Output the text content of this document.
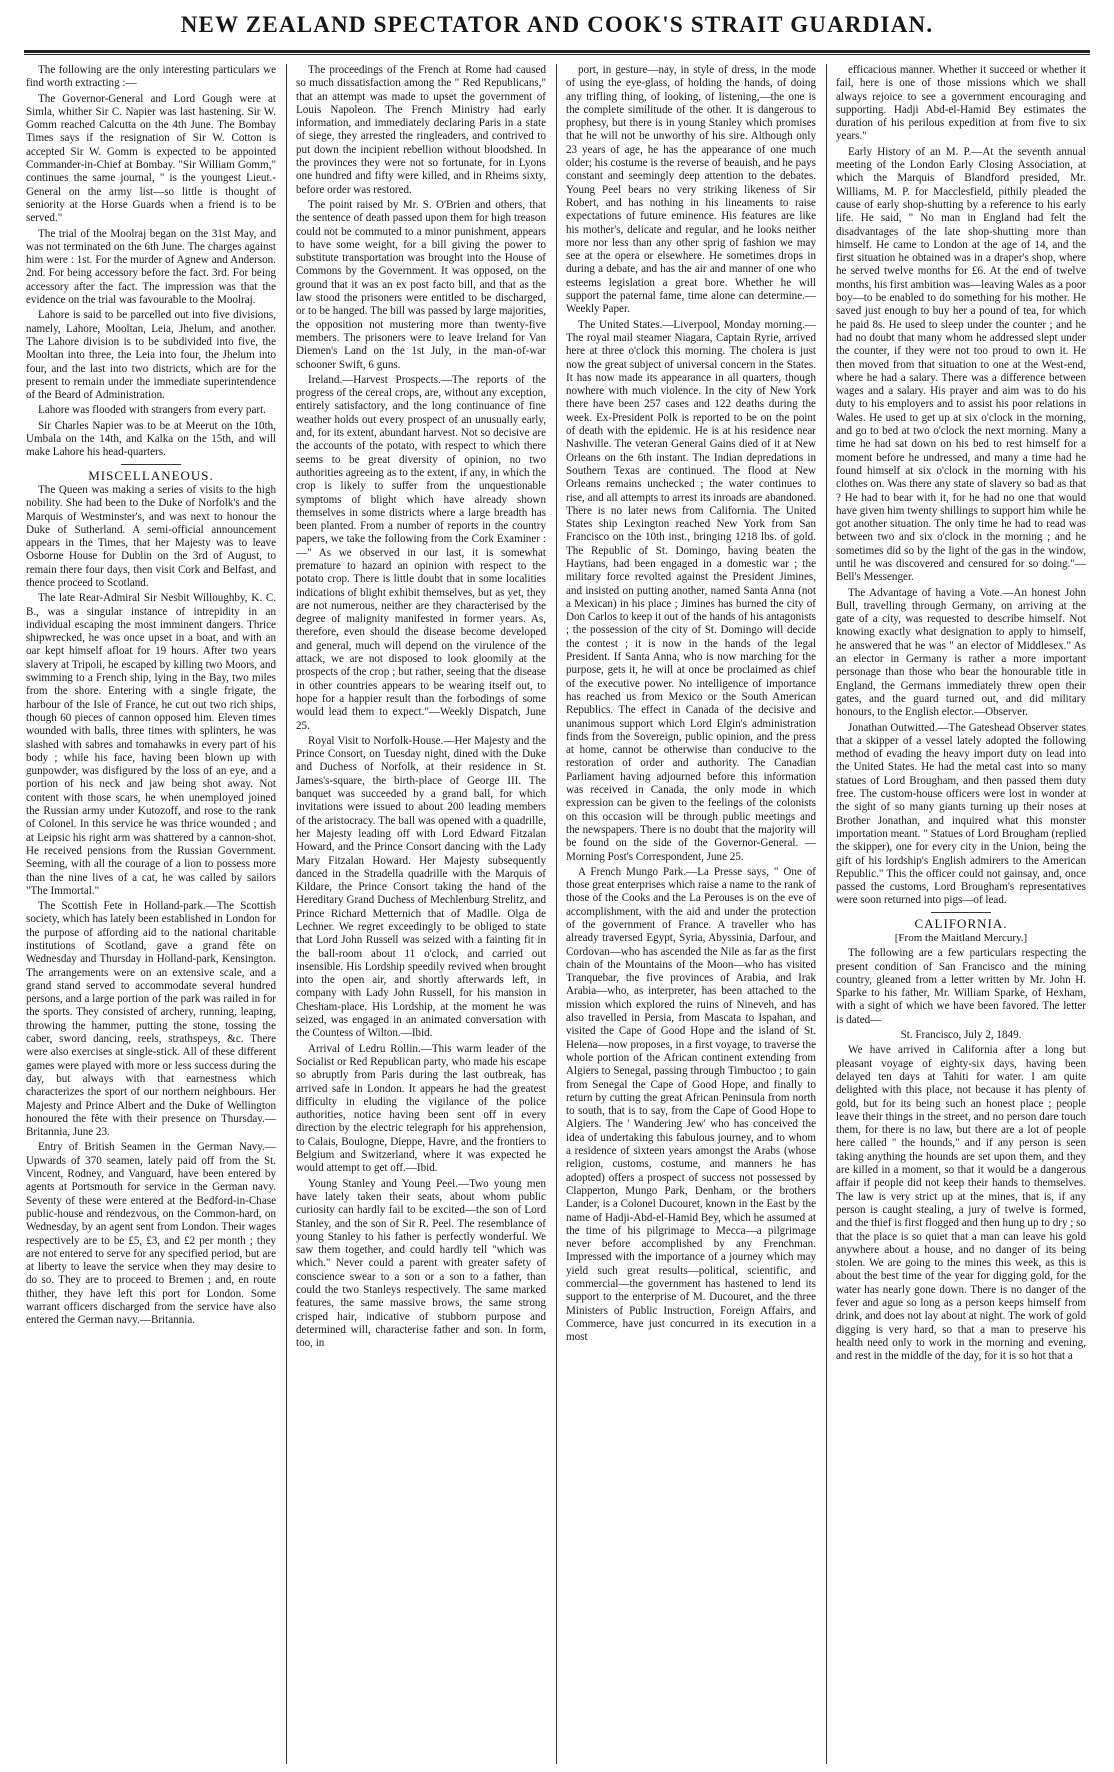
NEW ZEALAND SPECTATOR AND COOK'S STRAIT GUARDIAN.

The following are the only interesting particulars we find worth extracting :—

The Governor-General and Lord Gough were at Simla, whither Sir C. Napier was last hastening. Sir W. Gomm reached Calcutta on the 4th June. The Bombay Times says if the resignation of Sir W. Cotton is accepted Sir W. Gomm is expected to be appointed Commander-in-Chief at Bombay. "Sir William Gomm," continues the same journal, " is the youngest Lieut.-General on the army list—so little is thought of seniority at the Horse Guards when a friend is to be served."

The trial of the Moolraj began on the 31st May, and was not terminated on the 6th June. The charges against him were : 1st. For the murder of Agnew and Anderson. 2nd. For being accessory before the fact. 3rd. For being accessory after the fact. The impression was that the evidence on the trial was favourable to the Moolraj.

Lahore is said to be parcelled out into five divisions, namely, Lahore, Mooltan, Leia, Jhelum, and another. The Lahore division is to be subdivided into five, the Mooltan into three, the Leia into four, the Jhelum into four, and the last into two districts, which are for the present to remain under the immediate superintendence of the Beard of Administration.

Lahore was flooded with strangers from every part.

Sir Charles Napier was to be at Meerut on the 10th, Umbala on the 14th, and Kalka on the 15th, and will make Lahore his head-quarters.

MISCELLANEOUS.

The Queen was making a series of visits to the high nobility. She had been to the Duke of Norfolk's and the Marquis of Westminster's, and was next to honour the Duke of Sutherland. A semi-official announcement appears in the Times, that her Majesty was to leave Osborne House for Dublin on the 3rd of August, to remain there four days, then visit Cork and Belfast, and thence proceed to Scotland.

The late Rear-Admiral Sir Nesbit Willoughby, K. C. B., was a singular instance of intrepidity in an individual escaping the most imminent dangers. Thrice shipwrecked, he was once upset in a boat, and with an oar kept himself afloat for 19 hours. After two years slavery at Tripoli, he escaped by killing two Moors, and swimming to a French ship, lying in the Bay, two miles from the shore. Entering with a single frigate, the harbour of the Isle of France, he cut out two rich ships, though 60 pieces of cannon opposed him. Eleven times wounded with balls, three times with splinters, he was slashed with sabres and tomahawks in every part of his body ; while his face, having been blown up with gunpowder, was disfigured by the loss of an eye, and a portion of his neck and jaw being shot away. Not content with those scars, he when unemployed joined the Russian army under Kutozoff, and rose to the rank of Colonel. In this service he was thrice wounded ; and at Leipsic his right arm was shattered by a cannon-shot. He received pensions from the Russian Government. Seeming, with all the courage of a lion to possess more than the nine lives of a cat, he was called by sailors "The Immortal."

The Scottish Fete in Holland-park.—The Scottish society, which has lately been established in London for the purpose of affording aid to the national charitable institutions of Scotland, gave a grand fête on Wednesday and Thursday in Holland-park, Kensington. The arrangements were on an extensive scale, and a grand stand served to accommodate several hundred persons, and a large portion of the park was railed in for the sports. They consisted of archery, running, leaping, throwing the hammer, putting the stone, tossing the caber, sword dancing, reels, strathspeys, &c. There were also exercises at single-stick. All of these different games were played with more or less success during the day, but always with that earnestness which characterizes the sport of our northern neighbours. Her Majesty and Prince Albert and the Duke of Wellington honoured the fête with their presence on Thursday.—Britannia, June 23.

Entry of British Seamen in the German Navy.—Upwards of 370 seamen, lately paid off from the St. Vincent, Rodney, and Vanguard, have been entered by agents at Portsmouth for service in the German navy. Seventy of these were entered at the Bedford-in-Chase public-house and rendezvous, on the Common-hard, on Wednesday, by an agent sent from London. Their wages respectively are to be £5, £3, and £2 per month ; they are not entered to serve for any specified period, but are at liberty to leave the service when they may desire to do so. They are to proceed to Bremen ; and, en route thither, they have left this port for London. Some warrant officers discharged from the service have also entered the German navy.—Britannia.

The proceedings of the French at Rome had caused so much dissatisfaction among the " Red Republicans," that an attempt was made to upset the government of Louis Napoleon. The French Ministry had early information, and immediately declaring Paris in a state of siege, they arrested the ringleaders, and contrived to put down the incipient rebellion without bloodshed. In the provinces they were not so fortunate, for in Lyons one hundred and fifty were killed, and in Rheims sixty, before order was restored.

The point raised by Mr. S. O'Brien and others, that the sentence of death passed upon them for high treason could not be commuted to a minor punishment, appears to have some weight, for a bill giving the power to substitute transportation was brought into the House of Commons by the Government. It was opposed, on the ground that it was an ex post facto bill, and that as the law stood the prisoners were entitled to be discharged, or to be hanged. The bill was passed by large majorities, the opposition not mustering more than twenty-five members. The prisoners were to leave Ireland for Van Diemen's Land on the 1st July, in the man-of-war schooner Swift, 6 guns.

Ireland.—Harvest Prospects.—The reports of the progress of the cereal crops, are, without any exception, entirely satisfactory, and the long continuance of fine weather holds out every prospect of an unusually early, and, for its extent, abundant harvest. Not so decisive are the accounts of the potato, with respect to which there seems to be great diversity of opinion, no two authorities agreeing as to the extent, if any, in which the crop is likely to suffer from the unquestionable symptoms of blight which have already shown themselves in some districts where a large breadth has been planted. From a number of reports in the country papers, we take the following from the Cork Examiner :—" As we observed in our last, it is somewhat premature to hazard an opinion with respect to the potato crop. There is little doubt that in some localities indications of blight exhibit themselves, but as yet, they are not numerous, neither are they characterised by the degree of malignity manifested in former years. As, therefore, even should the disease become developed and general, much will depend on the virulence of the attack, we are not disposed to look gloomily at the prospects of the crop ; but rather, seeing that the disease in other countries appears to be wearing itself out, to hope for a happier result than the forbodings of some would lead them to expect."—Weekly Dispatch, June 25.

Royal Visit to Norfolk-House.—Her Majesty and the Prince Consort, on Tuesday night, dined with the Duke and Duchess of Norfolk, at their residence in St. James's-square, the birth-place of George III. The banquet was succeeded by a grand ball, for which invitations were issued to about 200 leading members of the aristocracy. The ball was opened with a quadrille, her Majesty leading off with Lord Edward Fitzalan Howard, and the Prince Consort dancing with the Lady Mary Fitzalan Howard. Her Majesty subsequently danced in the Stradella quadrille with the Marquis of Kildare, the Prince Consort taking the hand of the Hereditary Grand Duchess of Mechlenburg Strelitz, and Prince Richard Metternich that of Madlle. Olga de Lechner. We regret exceedingly to be obliged to state that Lord John Russell was seized with a fainting fit in the ball-room about 11 o'clock, and carried out insensible. His Lordship speedily revived when brought into the open air, and shortly afterwards left, in company with Lady John Russell, for his mansion in Chesham-place. His Lordship, at the moment he was seized, was engaged in an animated conversation with the Countess of Wilton.—Ibid.

Arrival of Ledru Rollin.—This warm leader of the Socialist or Red Republican party, who made his escape so abruptly from Paris during the last outbreak, has arrived safe in London. It appears he had the greatest difficulty in eluding the vigilance of the police authorities, notice having been sent off in every direction by the electric telegraph for his apprehension, to Calais, Boulogne, Dieppe, Havre, and the frontiers to Belgium and Switzerland, where it was expected he would attempt to get off.—Ibid.

Young Stanley and Young Peel.—Two young men have lately taken their seats, about whom public curiosity can hardly fail to be excited—the son of Lord Stanley, and the son of Sir R. Peel. The resemblance of young Stanley to his father is perfectly wonderful. We saw them together, and could hardly tell "which was which." Never could a parent with greater safety of conscience swear to a son or a son to a father, than could the two Stanleys respectively. The same marked features, the same massive brows, the same strong crisped hair, indicative of stubborn purpose and determined will, characterise father and son. In form, too, in

port, in gesture—nay, in style of dress, in the mode of using the eye-glass, of holding the hands, of doing any trifling thing, of looking, of listening,—the one is the complete similitude of the other. It is dangerous to prophesy, but there is in young Stanley which promises that he will not be unworthy of his sire. Although only 23 years of age, he has the appearance of one much older; his costume is the reverse of beauish, and he pays constant and seemingly deep attention to the debates. Young Peel bears no very striking likeness of Sir Robert, and has nothing in his lineaments to raise expectations of future eminence. His features are like his mother's, delicate and regular, and he looks neither more nor less than any other sprig of fashion we may see at the opera or elsewhere. He sometimes drops in during a debate, and has the air and manner of one who esteems legislation a great bore. Whether he will support the paternal fame, time alone can determine.—Weekly Paper.

The United States.—Liverpool, Monday morning.—The royal mail steamer Niagara, Captain Ryrie, arrived here at three o'clock this morning. The cholera is just now the great subject of universal concern in the States. It has now made its appearance in all quarters, though nowhere with much violence. In the city of New York there have been 257 cases and 122 deaths during the week. Ex-President Polk is reported to be on the point of death with the epidemic. He is at his residence near Nashville. The veteran General Gains died of it at New Orleans on the 6th instant. The Indian depredations in Southern Texas are continued. The flood at New Orleans remains unchecked ; the water continues to rise, and all attempts to arrest its inroads are abandoned. There is no later news from California. The United States ship Lexington reached New York from San Francisco on the 10th inst., bringing 1218 lbs. of gold. The Republic of St. Domingo, having beaten the Haytians, had been engaged in a domestic war ; the military force revolted against the President Jimines, and insisted on putting another, named Santa Anna (not a Mexican) in his place ; Jimines has burned the city of Don Carlos to keep it out of the hands of his antagonists ; the possession of the city of St. Domingo will decide the contest ; it is now in the hands of the legal President. If Santa Anna, who is now marching for the purpose, gets it, he will at once be proclaimed as chief of the executive power. No intelligence of importance has reached us from Mexico or the South American Republics. The effect in Canada of the decisive and unanimous support which Lord Elgin's administration finds from the Sovereign, public opinion, and the press at home, cannot be otherwise than conducive to the restoration of order and authority. The Canadian Parliament having adjourned before this information was received in Canada, the only mode in which expression can be given to the feelings of the colonists on this occasion will be through public meetings and the newspapers. There is no doubt that the majority will be found on the side of the Governor-General. —Morning Post's Correspondent, June 25.

A French Mungo Park.—La Presse says, " One of those great enterprises which raise a name to the rank of those of the Cooks and the La Perouses is on the eve of accomplishment, with the aid and under the protection of the government of France. A traveller who has already traversed Egypt, Syria, Abyssinia, Darfour, and Cordovan—who has ascended the Nile as far as the first chain of the Mountains of the Moon—who has visited Tranquebar, the five provinces of Arabia, and Irak Arabia—who, as interpreter, has been attached to the mission which explored the ruins of Nineveh, and has also travelled in Persia, from Mascata to Ispahan, and visited the Cape of Good Hope and the island of St. Helena—now proposes, in a first voyage, to traverse the whole portion of the African continent extending from Algiers to Senegal, passing through Timbuctoo ; to gain from Senegal the Cape of Good Hope, and finally to return by cutting the great African Peninsula from north to south, that is to say, from the Cape of Good Hope to Algiers. The ' Wandering Jew' who has conceived the idea of undertaking this fabulous journey, and to whom a residence of sixteen years amongst the Arabs (whose religion, customs, costume, and manners he has adopted) offers a prospect of success not possessed by Clapperton, Mungo Park, Denham, or the brothers Lander, is a Colonel Ducouret, known in the East by the name of Hadji-Abd-el-Hamid Bey, which he assumed at the time of his pilgrimage to Mecca—a pilgrimage never before accomplished by any Frenchman. Impressed with the importance of a journey which may yield such great results—political, scientific, and commercial—the government has hastened to lend its support to the enterprise of M. Ducouret, and the three Ministers of Public Instruction, Foreign Affairs, and Commerce, have just concurred in its execution in a most

efficacious manner. Whether it succeed or whether it fail, here is one of those missions which we shall always rejoice to see a government encouraging and supporting. Hadji Abd-el-Hamid Bey estimates the duration of his perilous expedition at from five to six years."

Early History of an M. P.—At the seventh annual meeting of the London Early Closing Association, at which the Marquis of Blandford presided, Mr. Williams, M. P. for Macclesfield, pithily pleaded the cause of early shop-shutting by a reference to his early life. He said, " No man in England had felt the disadvantages of the late shop-shutting more than himself. He came to London at the age of 14, and the first situation he obtained was in a draper's shop, where he served twelve months for £6. At the end of twelve months, his first ambition was—leaving Wales as a poor boy—to be enabled to do something for his mother. He saved just enough to buy her a pound of tea, for which he paid 8s. He used to sleep under the counter ; and he had no doubt that many whom he addressed slept under the counter, if they were not too proud to own it. He then moved from that situation to one at the West-end, where he had a salary. There was a difference between wages and a salary. His prayer and aim was to do his duty to his employers and to assist his poor relations in Wales. He used to get up at six o'clock in the morning, and go to bed at two o'clock the next morning. Many a time he had sat down on his bed to rest himself for a moment before he undressed, and many a time had he found himself at six o'clock in the morning with his clothes on. Was there any state of slavery so bad as that ? He had to bear with it, for he had no one that would have given him twenty shillings to support him while he got another situation. The only time he had to read was between two and six o'clock in the morning ; and he sometimes did so by the light of the gas in the window, until he was discovered and censured for so doing."—Bell's Messenger.

The Advantage of having a Vote.—An honest John Bull, travelling through Germany, on arriving at the gate of a city, was requested to describe himself. Not knowing exactly what designation to apply to himself, he answered that he was " an elector of Middlesex." As an elector in Germany is rather a more important personage than those who bear the honourable title in England, the Germans immediately threw open their gates, and the guard turned out, and did military honours, to the English elector.—Observer.

Jonathan Outwitted.—The Gateshead Observer states that a skipper of a vessel lately adopted the following method of evading the heavy import duty on lead into the United States. He had the metal cast into so many statues of Lord Brougham, and then passed them duty free. The custom-house officers were lost in wonder at the sight of so many giants turning up their noses at Brother Jonathan, and inquired what this monster importation meant. " Statues of Lord Brougham (replied the skipper), one for every city in the Union, being the gift of his lordship's English admirers to the American Republic." This the officer could not gainsay, and, once passed the customs, Lord Brougham's representatives were soon returned into pigs—of lead.

CALIFORNIA.

[From the Maitland Mercury.]

The following are a few particulars respecting the present condition of San Francisco and the mining country, gleaned from a letter written by Mr. John H. Sparke to his father, Mr. William Sparke, of Hexham, with a sight of which we have been favored. The letter is dated—

St. Francisco, July 2, 1849.

We have arrived in California after a long but pleasant voyage of eighty-six days, having been delayed ten days at Tahiti for water. I am quite delighted with this place, not because it has plenty of gold, but for its being such an honest place ; people leave their things in the street, and no person dare touch them, for there is no law, but there are a lot of people here called " the hounds," and if any person is seen taking anything the hounds are set upon them, and they are killed in a moment, so that it would be a dangerous affair if people did not keep their hands to themselves. The law is very strict up at the mines, that is, if any person is caught stealing, a jury of twelve is formed, and the thief is first flogged and then hung up to dry ; so that the place is so quiet that a man can leave his gold anywhere about a house, and no danger of its being stolen. We are going to the mines this week, as this is about the best time of the year for digging gold, for the water has nearly gone down. There is no danger of the fever and ague so long as a person keeps himself from drink, and does not lay about at night. The work of gold digging is very hard, so that a man to preserve his health need only to work in the morning and evening, and rest in the middle of the day, for it is so hot that a
